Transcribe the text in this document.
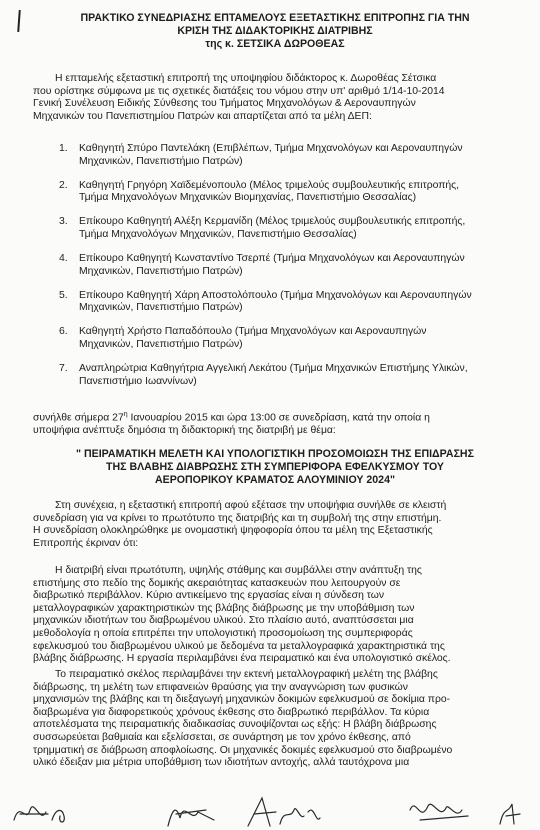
ΠΡΑΚΤΙΚΟ ΣΥΝΕΔΡΙΑΣΗΣ ΕΠΤΑΜΕΛΟΥΣ ΕΞΕΤΑΣΤΙΚΗΣ ΕΠΙΤΡΟΠΗΣ ΓΙΑ ΤΗΝ
ΚΡΙΣΗ ΤΗΣ ΔΙΔΑΚΤΟΡΙΚΗΣ ΔΙΑΤΡΙΒΗΣ
της κ. ΣΕΤΣΙΚΑ ΔΩΡΟΘΕΑΣ
Η επταμελής εξεταστική επιτροπή της υποψηφίου διδάκτορος κ. Δωροθέας Σέτσικα
που ορίστηκε σύμφωνα με τις σχετικές διατάξεις του νόμου στην υπ' αριθμό 1/14-10-2014
Γενική Συνέλευση Ειδικής Σύνθεσης του Τμήματος Μηχανολόγων & Αεροναυπηγών
Μηχανικών του Πανεπιστημίου Πατρών και απαρτίζεται από τα μέλη ΔΕΠ:
1. Καθηγητή Σπύρο Παντελάκη (Επιβλέπων, Τμήμα Μηχανολόγων και Αεροναυπηγών
Μηχανικών, Πανεπιστήμιο Πατρών)
2. Καθηγητή Γρηγόρη Χαϊδεμένοπουλο (Μέλος τριμελούς συμβουλευτικής επιτροπής,
Τμήμα Μηχανολόγων Μηχανικών Βιομηχανίας, Πανεπιστήμιο Θεσσαλίας)
3. Επίκουρο Καθηγητή Αλέξη Κερμανίδη (Μέλος τριμελούς συμβουλευτικής επιτροπής,
Τμήμα Μηχανολόγων Μηχανικών, Πανεπιστήμιο Θεσσαλίας)
4. Επίκουρο Καθηγητή Κωνσταντίνο Τσερπέ (Τμήμα Μηχανολόγων και Αεροναυπηγών
Μηχανικών, Πανεπιστήμιο Πατρών)
5. Επίκουρο Καθηγητή Χάρη Αποστολόπουλο (Τμήμα Μηχανολόγων και Αεροναυπηγών
Μηχανικών, Πανεπιστήμιο Πατρών)
6. Καθηγητή Χρήστο Παπαδόπουλο (Τμήμα Μηχανολόγων και Αεροναυπηγών
Μηχανικών, Πανεπιστήμιο Πατρών)
7. Αναπληρώτρια Καθηγήτρια Αγγελική Λεκάτου (Τμήμα Μηχανικών Επιστήμης Υλικών,
Πανεπιστήμιο Ιωαννίνων)
συνήλθε σήμερα $27^\eta$ Ιανουαρίου 2015 και ώρα 13:00 σε συνεδρίαση, κατά την οποία η
υποψήφια ανέπτυξε δημόσια τη διδακτορική της διατριβή με θέμα:
" ΠΕΙΡΑΜΑΤΙΚΗ ΜΕΛΕΤΗ ΚΑΙ ΥΠΟΛΟΓΙΣΤΙΚΗ ΠΡΟΣΟΜΟΙΩΣΗ ΤΗΣ ΕΠΙΔΡΑΣΗΣ
ΤΗΣ ΒΛΑΒΗΣ ΔΙΑΒΡΩΣΗΣ ΣΤΗ ΣΥΜΠΕΡΙΦΟΡΑ ΕΦΕΛΚΥΣΜΟΥ ΤΟΥ
ΑΕΡΟΠΟΡΙΚΟΥ ΚΡΑΜΑΤΟΣ ΑΛΟΥΜΙΝΙΟΥ 2024"
Στη συνέχεια, η εξεταστική επιτροπή αφού εξέτασε την υποψήφια συνήλθε σε κλειστή
συνεδρίαση για να κρίνει το πρωτότυπο της διατριβής και τη συμβολή της στην επιστήμη.
Η συνεδρίαση ολοκληρώθηκε με ονομαστική ψηφοφορία όπου τα μέλη της Εξεταστικής
Επιτροπής έκριναν ότι:
Η διατριβή είναι πρωτότυπη, υψηλής στάθμης και συμβάλλει στην ανάπτυξη της
επιστήμης στο πεδίο της δομικής ακεραιότητας κατασκευών που λειτουργούν σε
διαβρωτικό περιβάλλον. Κύριο αντικείμενο της εργασίας είναι η σύνδεση των
μεταλλογραφικών χαρακτηριστικών της βλάβης διάβρωσης με την υποβάθμιση των
μηχανικών ιδιοτήτων του διαβρωμένου υλικού. Στο πλαίσιο αυτό, αναπτύσσεται μια
μεθοδολογία η οποία επιτρέπει την υπολογιστική προσομοίωση της συμπεριφοράς
εφελκυσμού του διαβρωμένου υλικού με δεδομένα τα μεταλλογραφικά χαρακτηριστικά της
βλάβης διάβρωσης. Η εργασία περιλαμβάνει ένα πειραματικό και ένα υπολογιστικό σκέλος.
Το πειραματικό σκέλος περιλαμβάνει την εκτενή μεταλλογραφική μελέτη της βλάβης
διάβρωσης, τη μελέτη των επιφανειών θραύσης για την αναγνώριση των φυσικών
μηχανισμών της βλάβης και τη διεξαγωγή μηχανικών δοκιμών εφελκυσμού σε δοκίμια προ-
διαβρωμένα για διαφορετικούς χρόνους έκθεσης στο διαβρωτικό περιβάλλον. Τα κύρια
αποτελέσματα της πειραματικής διαδικασίας συνοψίζονται ως εξής: Η βλάβη διάβρωσης
συσσωρεύεται βαθμιαία και εξελίσσεται, σε συνάρτηση με τον χρόνο έκθεσης, από
τρημματική σε διάβρωση αποφλοίωσης. Οι μηχανικές δοκιμές εφελκυσμού στο διαβρωμένο
υλικό έδειξαν μια μέτρια υποβάθμιση των ιδιοτήτων αντοχής, αλλά ταυτόχρονα μια
